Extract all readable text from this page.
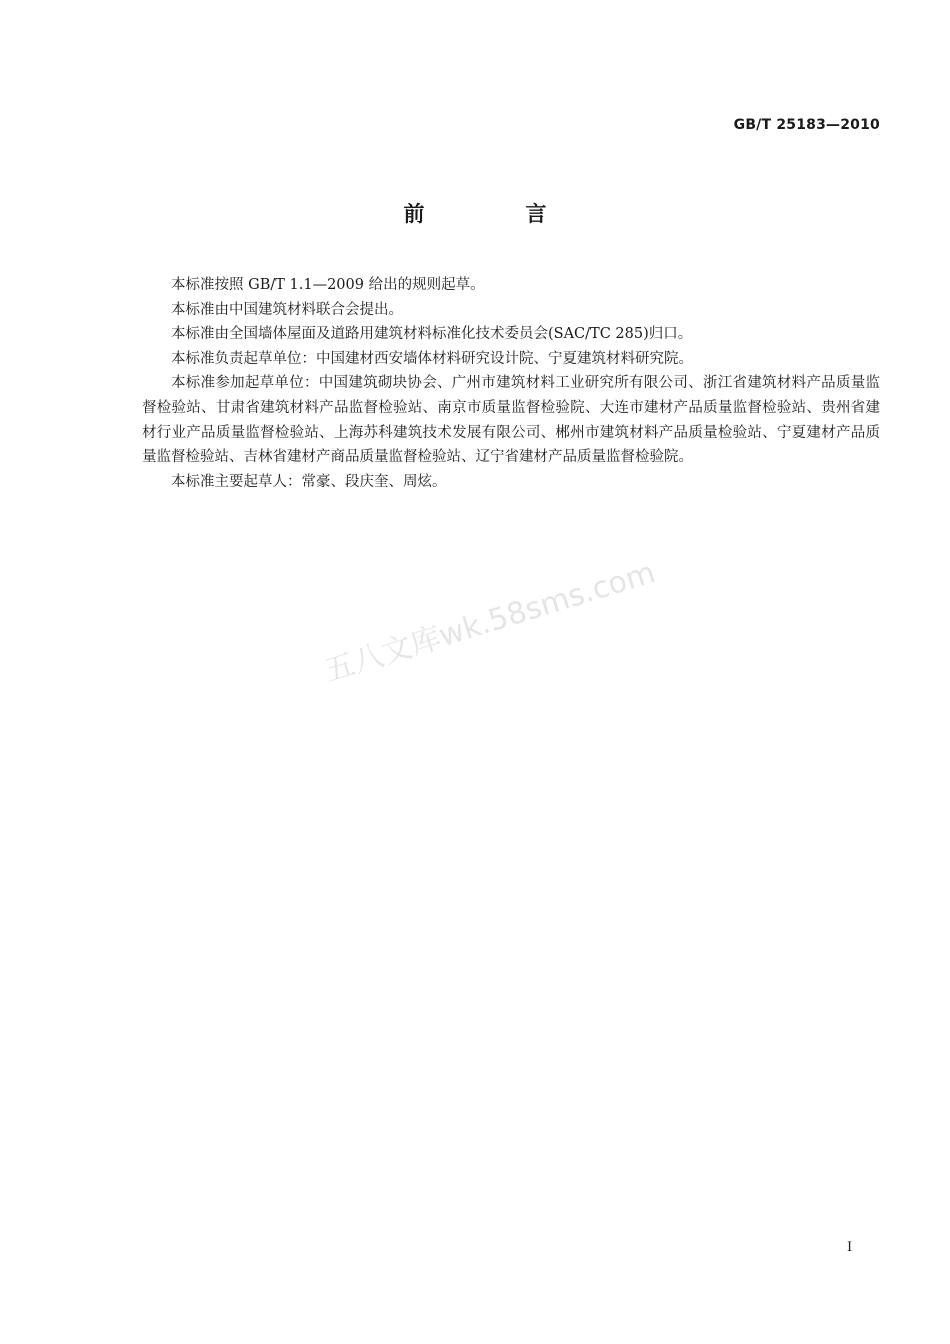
GB/T 25183—2010
前　言

本标准按照 GB/T 1.1—2009 给出的规则起草。

本标准由中国建筑材料联合会提出。

本标准由全国墙体屋面及道路用建筑材料标准化技术委员会(SAC/TC 285)归口。

本标准负责起草单位：中国建材西安墙体材料研究设计院、宁夏建筑材料研究院。

本标准参加起草单位：中国建筑砌块协会、广州市建筑材料工业研究所有限公司、浙江省建筑材料产品质量监督检验站、甘肃省建筑材料产品监督检验站、南京市质量监督检验院、大连市建材产品质量监督检验站、贵州省建材行业产品质量监督检验站、上海苏科建筑技术发展有限公司、郴州市建筑材料产品质量检验站、宁夏建材产品质量监督检验站、吉林省建材产商品质量监督检验站、辽宁省建材产品质量监督检验院。

本标准主要起草人：常豪、段庆奎、周炫。

五八文库wk.58sms.com
I
